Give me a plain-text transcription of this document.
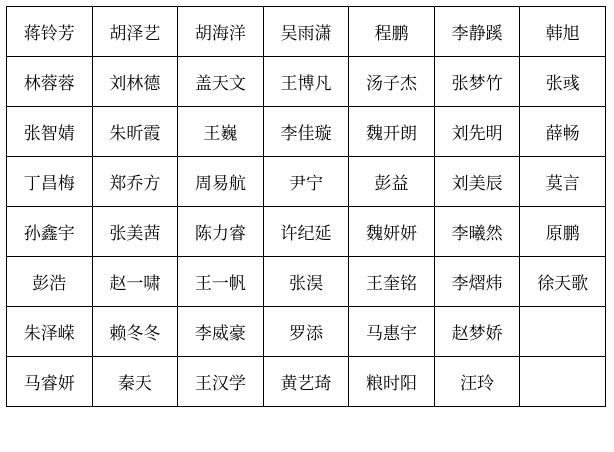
蒋铃芳	胡泽艺	胡海洋	吴雨潇	程鹏	李静蹊	韩旭
林蓉蓉	刘林德	盖天文	王博凡	汤子杰	张梦竹	张彧
张智婧	朱昕霞	王巍	李佳璇	魏开朗	刘先明	薛畅
丁昌梅	郑乔方	周易航	尹宁	彭益	刘美辰	莫言
孙鑫宇	张美茜	陈力睿	许纪延	魏妍妍	李曦然	原鹏
彭浩	赵一啸	王一帆	张淏	王奎铭	李熠炜	徐天歌
朱泽嵘	赖冬冬	李威豪	罗添	马惠宇	赵梦娇	
马睿妍	秦天	王汉学	黄艺琦	粮时阳	汪玲	
